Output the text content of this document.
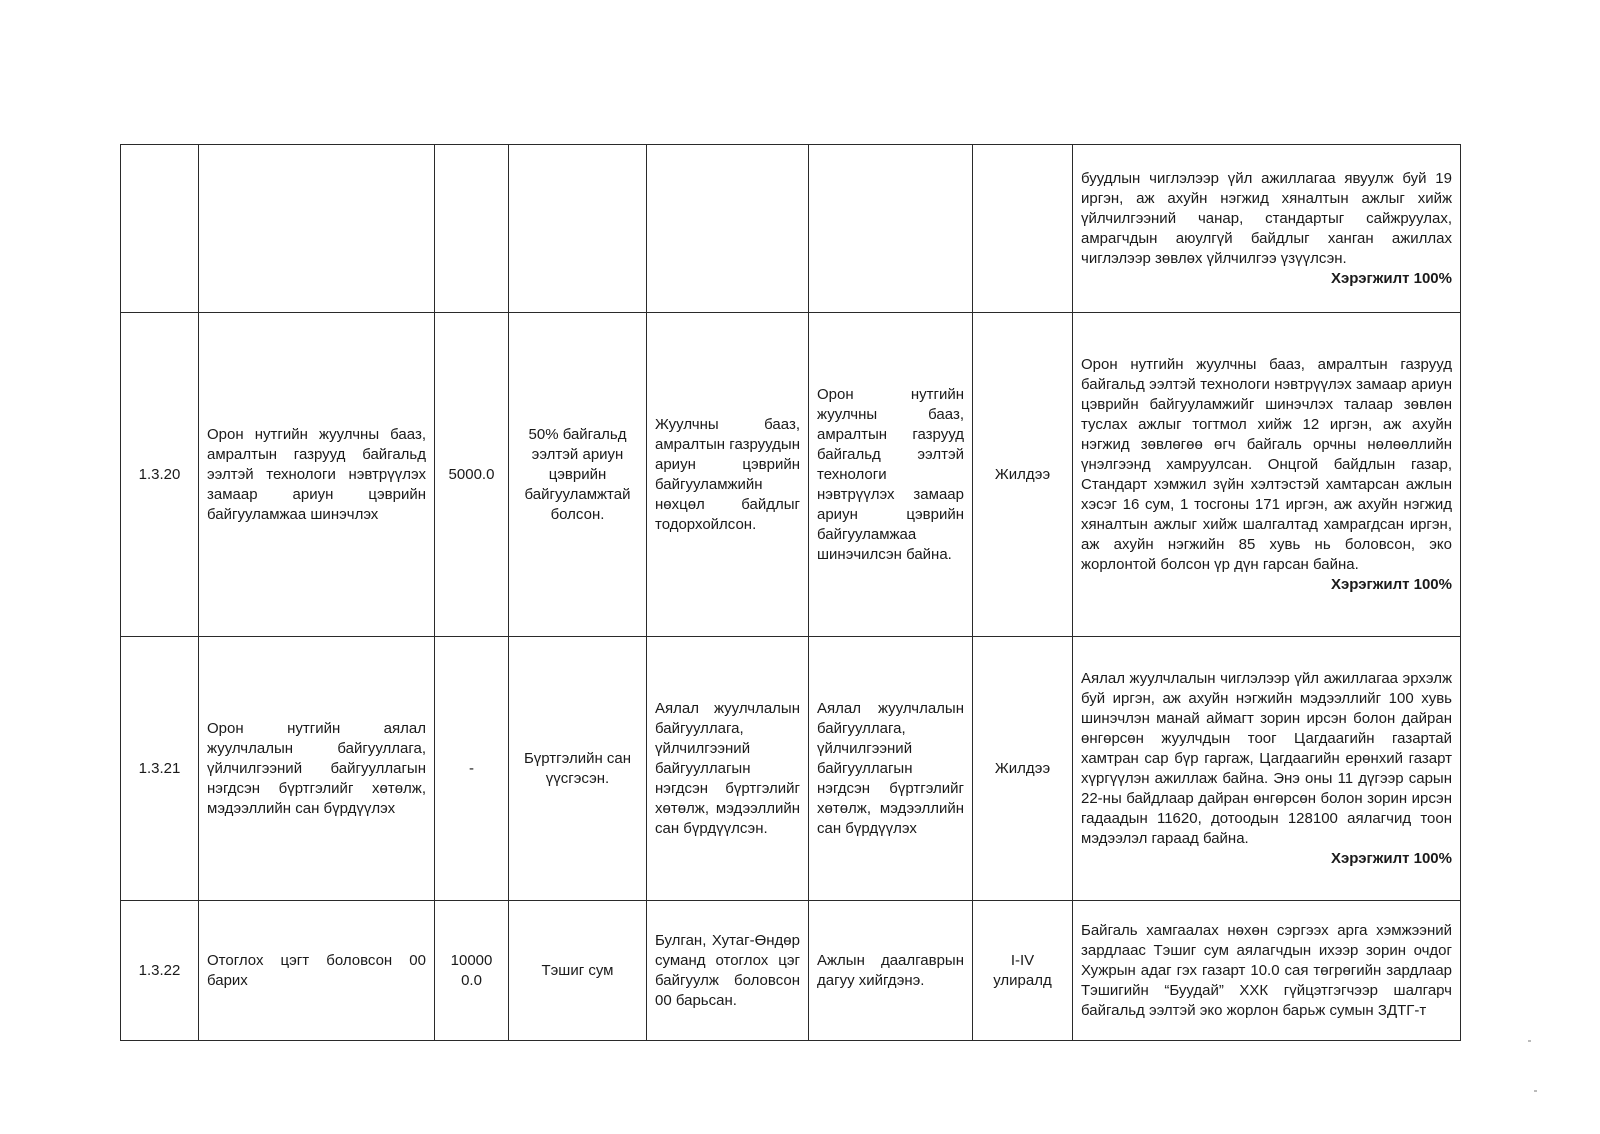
							буудлын чиглэлээр үйл ажиллагаа явуулж буй 19 иргэн, аж ахуйн нэгжид хяналтын ажлыг хийж үйлчилгээний чанар, стандартыг сайжруулах, амрагчдын аюулгүй байдлыг ханган ажиллах чиглэлээр зөвлөх үйлчилгээ үзүүлсэн.
Хэрэгжилт 100%

1.3.20	Орон нутгийн жуулчны бааз, амралтын газрууд байгальд ээлтэй технологи нэвтрүүлэх замаар ариун цэврийн байгууламжаа шинэчлэх	5000.0	50% байгальд ээлтэй ариун цэврийн байгууламжтай болсон.	Жуулчны бааз, амралтын газруудын ариун цэврийн байгууламжийн нөхцөл байдлыг тодорхойлсон.	Орон нутгийн жуулчны бааз, амралтын газрууд байгальд ээлтэй технологи нэвтрүүлэх замаар ариун цэврийн байгууламжаа шинэчилсэн байна.	Жилдээ	Орон нутгийн жуулчны бааз, амралтын газрууд байгальд ээлтэй технологи нэвтрүүлэх замаар ариун цэврийн байгууламжийг шинэчлэх талаар зөвлөн туслах ажлыг тогтмол хийж 12 иргэн, аж ахуйн нэгжид зөвлөгөө өгч байгаль орчны нөлөөллийн үнэлгээнд хамруулсан. Онцгой байдлын газар, Стандарт хэмжил зүйн хэлтэстэй хамтарсан ажлын хэсэг 16 сум, 1 тосгоны 171 иргэн, аж ахуйн нэгжид хяналтын ажлыг хийж шалгалтад хамрагдсан иргэн, аж ахуйн нэгжийн 85 хувь нь боловсон, эко жорлонтой болсон үр дүн гарсан байна.
Хэрэгжилт 100%

1.3.21	Орон нутгийн аялал жуулчлалын байгууллага, үйлчилгээний байгууллагын нэгдсэн бүртгэлийг хөтөлж, мэдээллийн сан бүрдүүлэх	-	Бүртгэлийн сан үүсгэсэн.	Аялал жуулчлалын байгууллага, үйлчилгээний байгууллагын нэгдсэн бүртгэлийг хөтөлж, мэдээллийн сан бүрдүүлсэн.	Аялал жуулчлалын байгууллага, үйлчилгээний байгууллагын нэгдсэн бүртгэлийг хөтөлж, мэдээллийн сан бүрдүүлэх	Жилдээ	Аялал жуулчлалын чиглэлээр үйл ажиллагаа эрхэлж буй иргэн, аж ахуйн нэгжийн мэдээллийг 100 хувь шинэчлэн манай аймагт зорин ирсэн болон дайран өнгөрсөн жуулчдын тоог Цагдаагийн газартай хамтран сар бүр гаргаж, Цагдаагийн ерөнхий газарт хүргүүлэн ажиллаж байна. Энэ оны 11 дүгээр сарын 22-ны байдлаар дайран өнгөрсөн болон зорин ирсэн гадаадын 11620, дотоодын 128100 аялагчид тоон мэдээлэл гараад байна.
Хэрэгжилт 100%

1.3.22	Отоглох цэгт боловсон 00 барих	10000 0.0	Тэшиг сум	Булган, Хутаг-Өндөр суманд отоглох цэг байгуулж боловсон 00 барьсан.	Ажлын даалгаврын дагуу хийгдэнэ.	I-IV улиралд	Байгаль хамгаалах нөхөн сэргээх арга хэмжээний зардлаас Тэшиг сум аялагчдын ихээр зорин очдог Хужрын адаг гэх газарт 10.0 сая төгрөгийн зардлаар Тэшигийн “Буудай” ХХК гүйцэтгэгчээр шалгарч байгальд ээлтэй эко жорлон барьж сумын ЗДТГ-т
